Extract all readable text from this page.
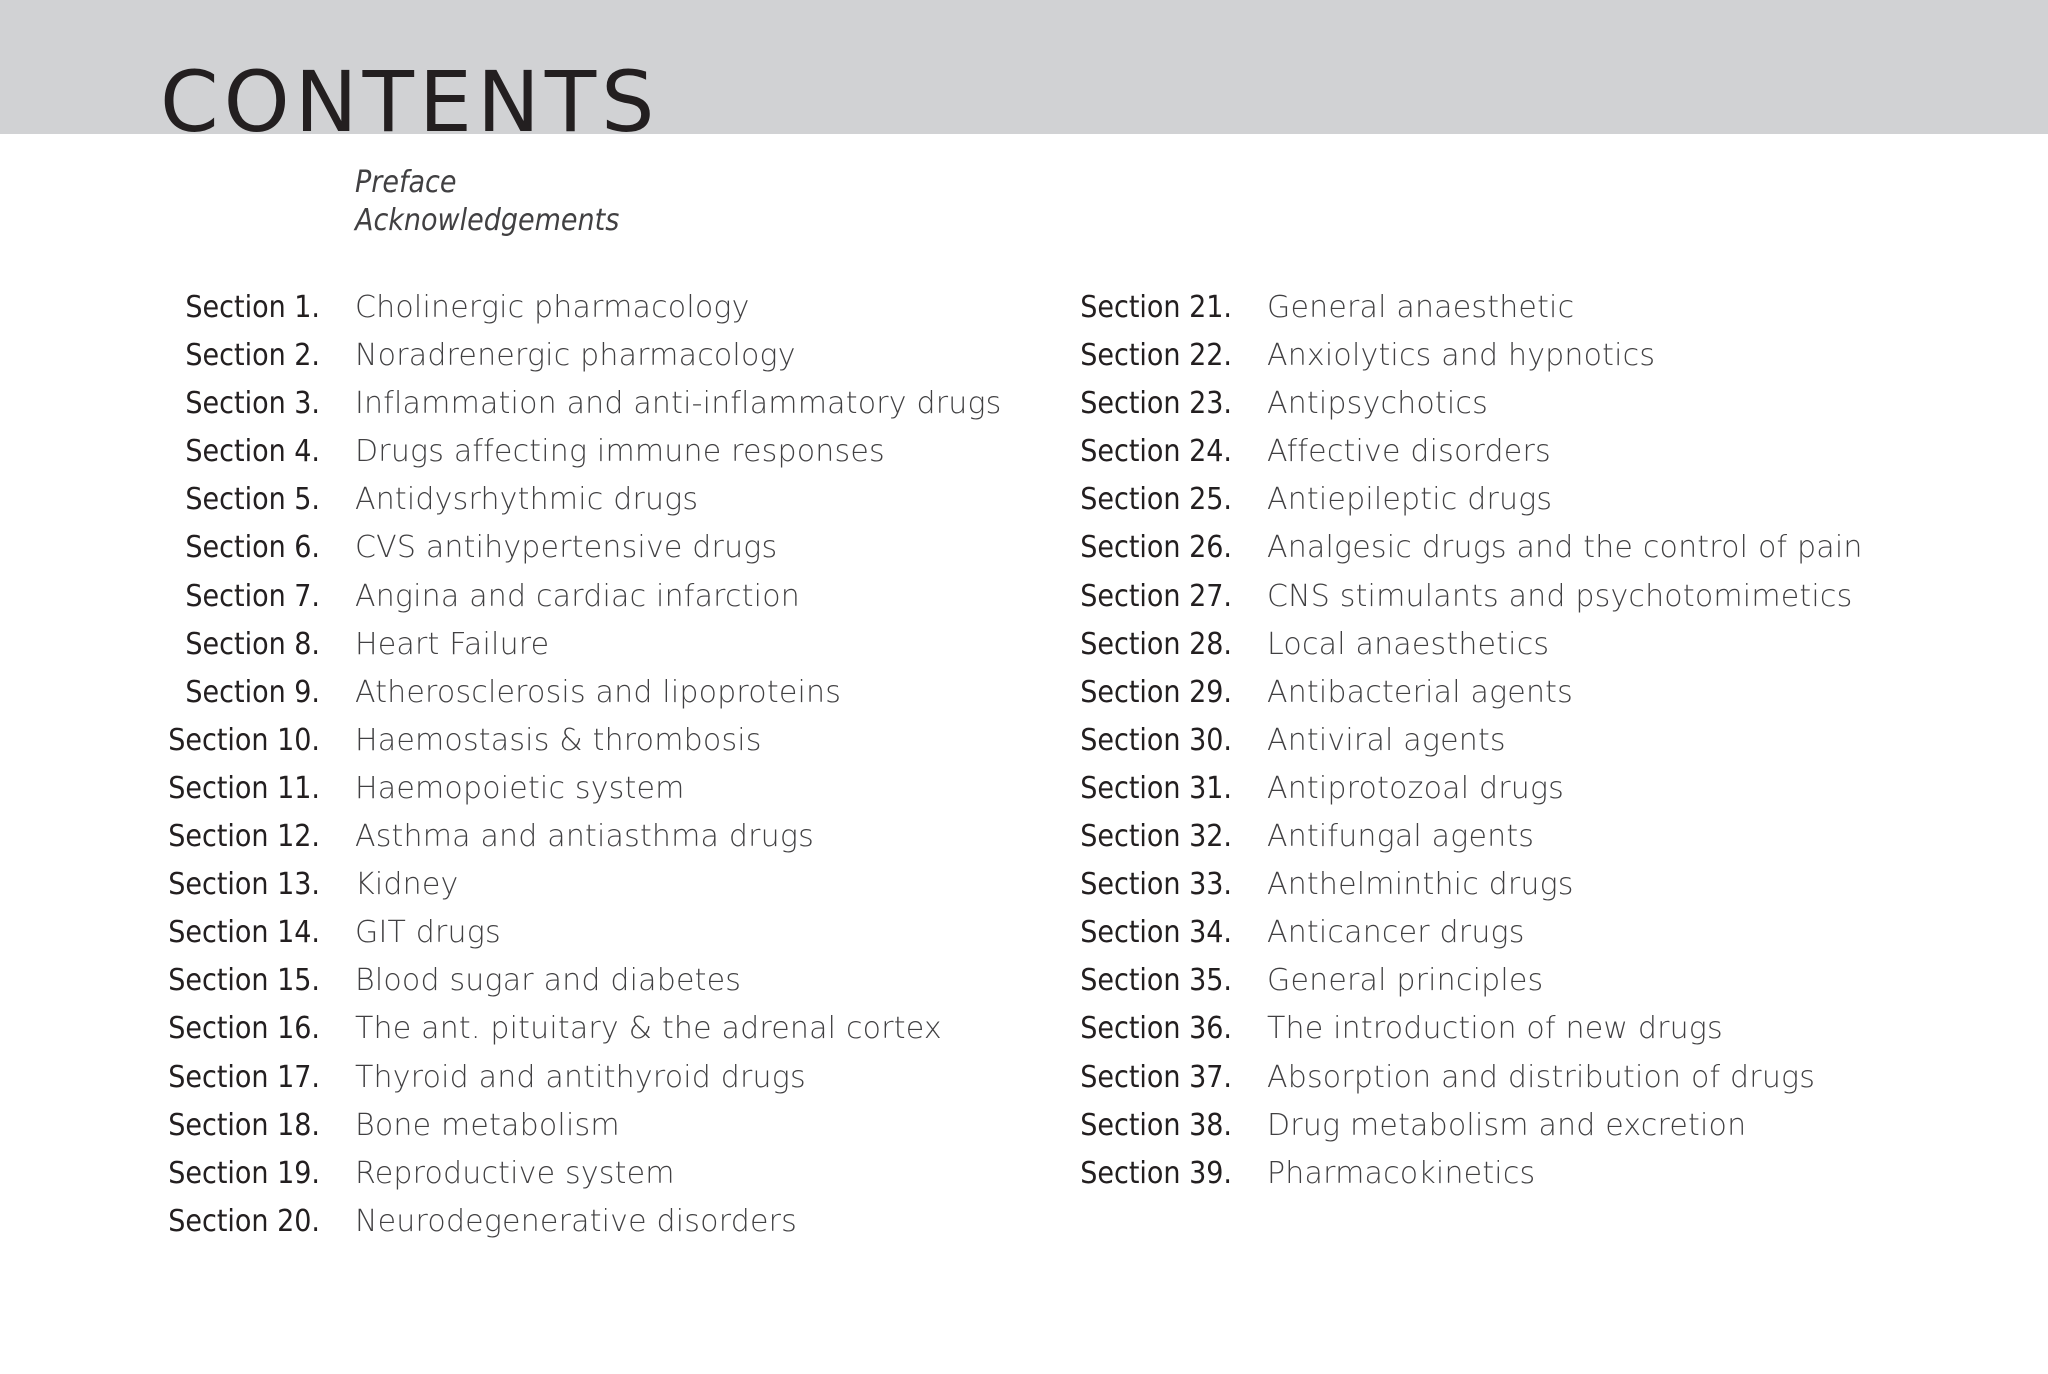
CONTENTS
Preface
Acknowledgements
Section 1. Cholinergic pharmacology
Section 2. Noradrenergic pharmacology
Section 3. Inflammation and anti-inflammatory drugs
Section 4. Drugs affecting immune responses
Section 5. Antidysrhythmic drugs
Section 6. CVS antihypertensive drugs
Section 7. Angina and cardiac infarction
Section 8. Heart Failure
Section 9. Atherosclerosis and lipoproteins
Section 10. Haemostasis & thrombosis
Section 11. Haemopoietic system
Section 12. Asthma and antiasthma drugs
Section 13. Kidney
Section 14. GIT drugs
Section 15. Blood sugar and diabetes
Section 16. The ant. pituitary & the adrenal cortex
Section 17. Thyroid and antithyroid drugs
Section 18. Bone metabolism
Section 19. Reproductive system
Section 20. Neurodegenerative disorders
Section 21. General anaesthetic
Section 22. Anxiolytics and hypnotics
Section 23. Antipsychotics
Section 24. Affective disorders
Section 25. Antiepileptic drugs
Section 26. Analgesic drugs and the control of pain
Section 27. CNS stimulants and psychotomimetics
Section 28. Local anaesthetics
Section 29. Antibacterial agents
Section 30. Antiviral agents
Section 31. Antiprotozoal drugs
Section 32. Antifungal agents
Section 33. Anthelminthic drugs
Section 34. Anticancer drugs
Section 35. General principles
Section 36. The introduction of new drugs
Section 37. Absorption and distribution of drugs
Section 38. Drug metabolism and excretion
Section 39. Pharmacokinetics
